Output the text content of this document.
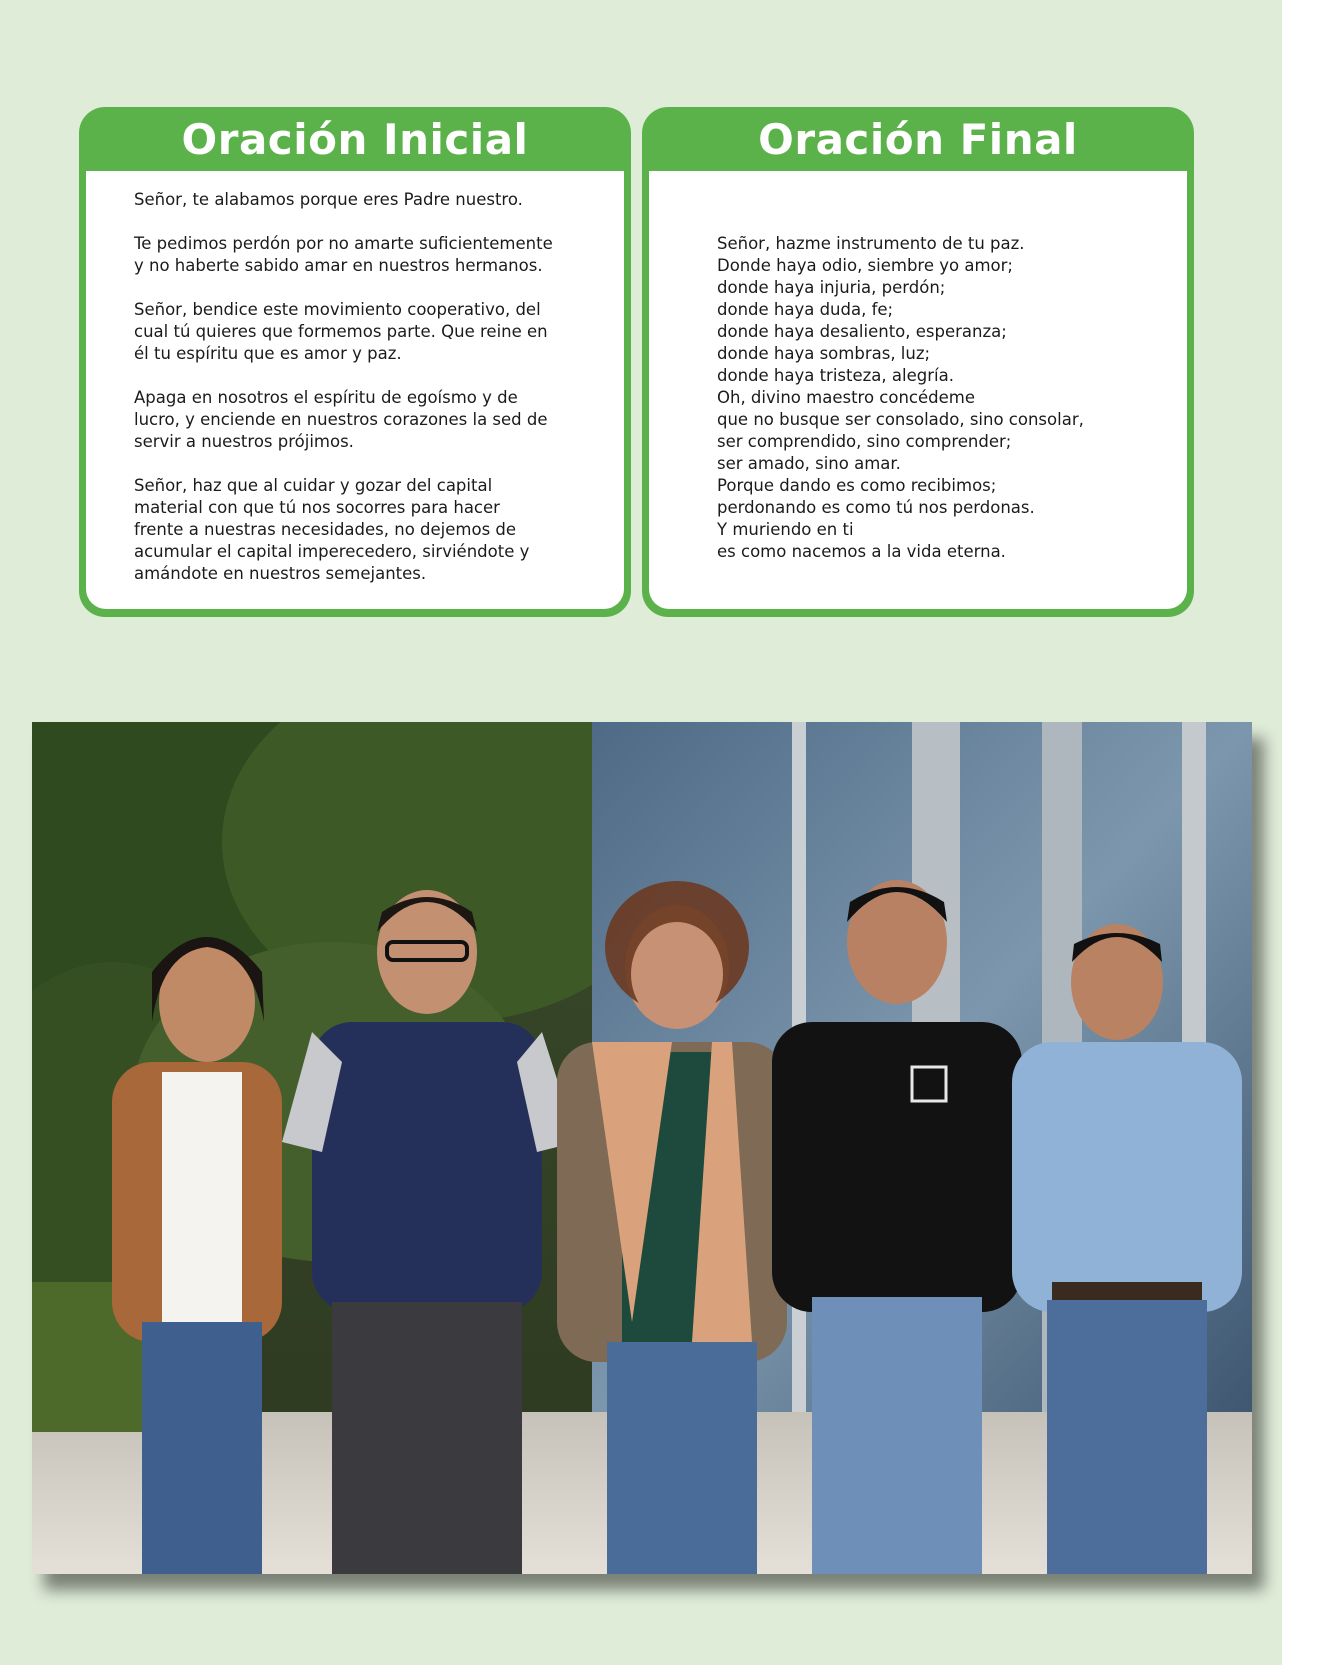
Oración Inicial

Señor, te alabamos porque eres Padre nuestro.

Te pedimos perdón por no amarte suficientemente
y no haberte sabido amar en nuestros hermanos.

Señor, bendice este movimiento cooperativo, del
cual tú quieres que formemos parte. Que reine en
él tu espíritu que es amor y paz.

Apaga en nosotros el espíritu de egoísmo y de
lucro, y enciende en nuestros corazones la sed de
servir a nuestros prójimos.

Señor, haz que al cuidar y gozar del capital
material con que tú nos socorres para hacer
frente a nuestras necesidades, no dejemos de
acumular el capital imperecedero, sirviéndote y
amándote en nuestros semejantes.

Oración Final

Señor, hazme instrumento de tu paz.
Donde haya odio, siembre yo amor;
donde haya injuria, perdón;
donde haya duda, fe;
donde haya desaliento, esperanza;
donde haya sombras, luz;
donde haya tristeza, alegría.
Oh, divino maestro concédeme
que no busque ser consolado, sino consolar,
ser comprendido, sino comprender;
ser amado, sino amar.
Porque dando es como recibimos;
perdonando es como tú nos perdonas.
Y muriendo en ti
es como nacemos a la vida eterna.
